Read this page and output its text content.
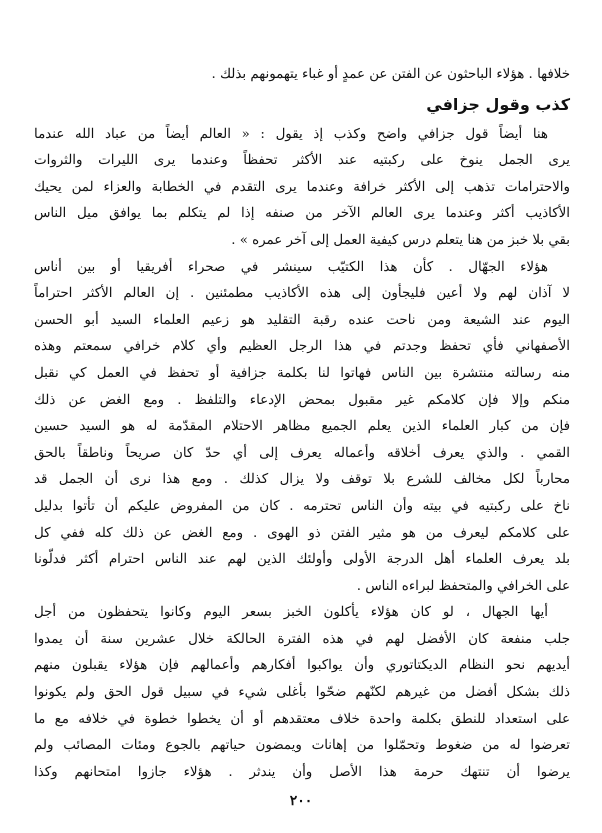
خلافها . هؤلاء الباحثون عن الفتن عن عمدٍ أو غباء يتهمونهم بذلك .
كذب وقول جزافي
هنا أيضاً قول جزافي واضح وكذب إذ يقول : « العالم أيضاً من عباد الله عندما
يرى الجمل ينوخ على ركبتيه عند الأكثر تحفظاً وعندما يرى الليرات والثروات
والاحترامات تذهب إلى الأكثر خرافة وعندما يرى التقدم في الخطابة والعزاء لمن يحيك
الأكاذيب أكثر وعندما يرى العالم الآخر من صنفه إذا لم يتكلم بما يوافق ميل الناس
بقي بلا خبز من هنا يتعلم درس كيفية العمل إلى آخر عمره » .
هؤلاء الجهّال . كأن هذا الكتيّب سينشر في صحراء أفريقيا أو بين أناس
لا آذان لهم ولا أعين فليجأون إلى هذه الأكاذيب مطمئنين . إن العالم الأكثر احتراماً
اليوم عند الشيعة ومن ناحت عنده رقبة التقليد هو زعيم العلماء السيد أبو الحسن
الأصفهاني فأي تحفظ وجدتم في هذا الرجل العظيم وأي كلام خرافي سمعتم وهذه
منه رسالته منتشرة بين الناس فهاتوا لنا بكلمة جزافية أو تحفظ في العمل كي نقبل
منكم وإلا فإن كلامكم غير مقبول بمحض الإدعاء والتلفظ . ومع الغض عن ذلك
فإن من كبار العلماء الذين يعلم الجميع مظاهر الاحتلام المقدّمة له هو السيد حسين
القمي . والذي يعرف أخلاقه وأعماله يعرف إلى أي حدّ كان صريحاً وناطقاً بالحق
محارباً لكل مخالف للشرع بلا توقف ولا يزال كذلك . ومع هذا نرى أن الجمل قد
ناخ على ركبتيه في بيته وأن الناس تحترمه . كان من المفروض عليكم أن تأتوا بدليل
على كلامكم ليعرف من هو مثير الفتن ذو الهوى . ومع الغض عن ذلك كله ففي كل
بلد يعرف العلماء أهل الدرجة الأولى وأولئك الذين لهم عند الناس احترام أكثر فدلّونا
على الخرافي والمتحفظ لبراءه الناس .
أيها الجهال ، لو كان هؤلاء يأكلون الخبز بسعر اليوم وكانوا يتحفظون من أجل
جلب منفعة كان الأفضل لهم في هذه الفترة الحالكة خلال عشرين سنة أن يمدوا
أيديهم نحو النظام الديكتاتوري وأن يواكبوا أفكارهم وأعمالهم فإن هؤلاء يقبلون منهم
ذلك بشكل أفضل من غيرهم لكنّهم ضحّوا بأغلى شيء في سبيل قول الحق ولم يكونوا
على استعداد للنطق بكلمة واحدة خلاف معتقدهم أو أن يخطوا خطوة في خلافه مع ما
تعرضوا له من ضغوط وتحمّلوا من إهانات ويمضون حياتهم بالجوع ومئات المصائب ولم
يرضوا أن تنتهك حرمة هذا الأصل وأن يندثر . هؤلاء جازوا امتحانهم وكذا
٢٠٠
